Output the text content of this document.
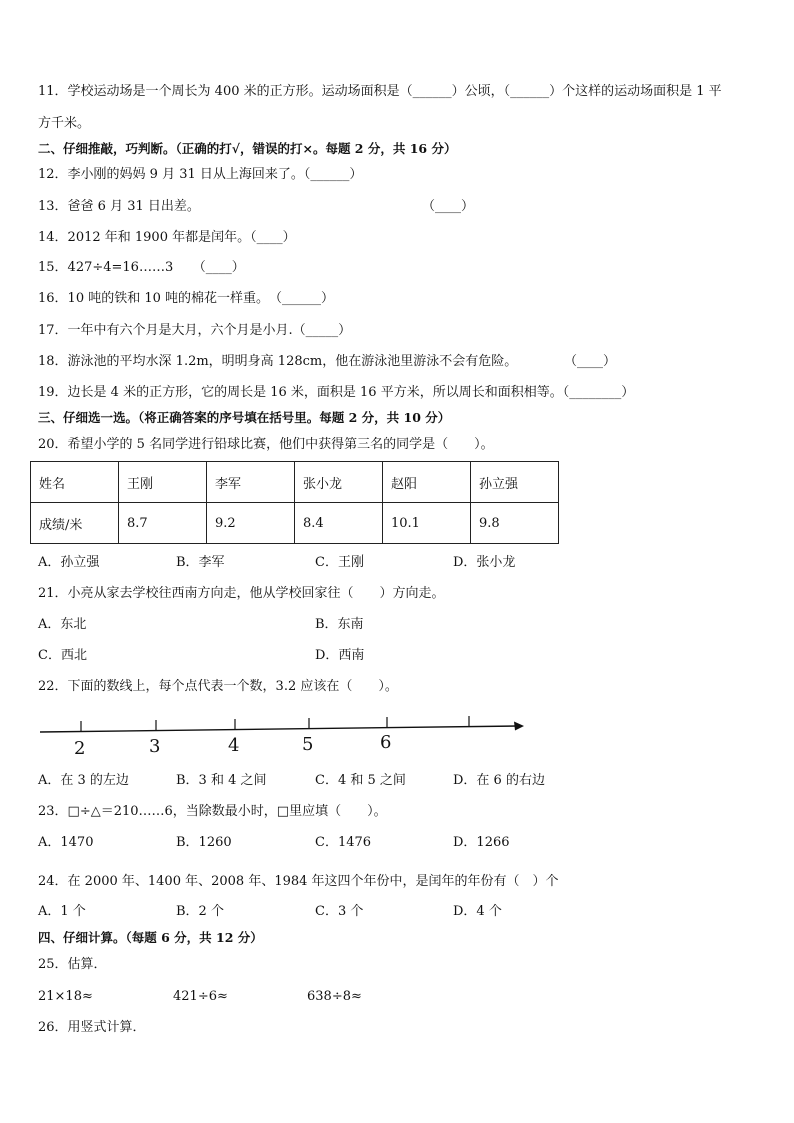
11．学校运动场是一个周长为 400 米的正方形。运动场面积是（______）公顷，（______）个这样的运动场面积是 1 平
方千米。
二、仔细推敲，巧判断。（正确的打√，错误的打×。每题 2 分，共 16 分）
12．李小刚的妈妈 9 月 31 日从上海回来了。（______）
13．爸爸 6 月 31 日出差。	（____）
14．2012 年和 1900 年都是闰年。（____）
15．427÷4=16……3　　（____）
16．10 吨的铁和 10 吨的棉花一样重。　（______）
17．一年中有六个月是大月，六个月是小月.（_____）
18．游泳池的平均水深 1.2m，明明身高 128cm，他在游泳池里游泳不会有危险。	（____）
19．边长是 4 米的正方形，它的周长是 16 米，面积是 16 平方米，所以周长和面积相等。（________）
三、仔细选一选。（将正确答案的序号填在括号里。每题 2 分，共 10 分）
20．希望小学的 5 名同学进行铅球比赛，他们中获得第三名的同学是（　　）。
姓名	王刚	李军	张小龙	赵阳	孙立强
成绩/米	8.7	9.2	8.4	10.1	9.8
A．孙立强	B．李军	C．王刚	D．张小龙
21．小亮从家去学校往西南方向走，他从学校回家往（　　）方向走。
A．东北	B．东南
C．西北	D．西南
22．下面的数线上，每个点代表一个数，3.2 应该在（　　）。
2	3	4	5	6
A．在 3 的左边	B．3 和 4 之间	C．4 和 5 之间	D．在 6 的右边
23．□÷△＝210……6，当除数最小时，□里应填（　　）。
A．1470	B．1260	C．1476	D．1266
24．在 2000 年、1400 年、2008 年、1984 年这四个年份中，是闰年的年份有（　）个
A．1 个	B．2 个	C．3 个	D．4 个
四、仔细计算。（每题 6 分，共 12 分）
25．估算．
21×18≈	421÷6≈	638÷8≈
26．用竖式计算．
